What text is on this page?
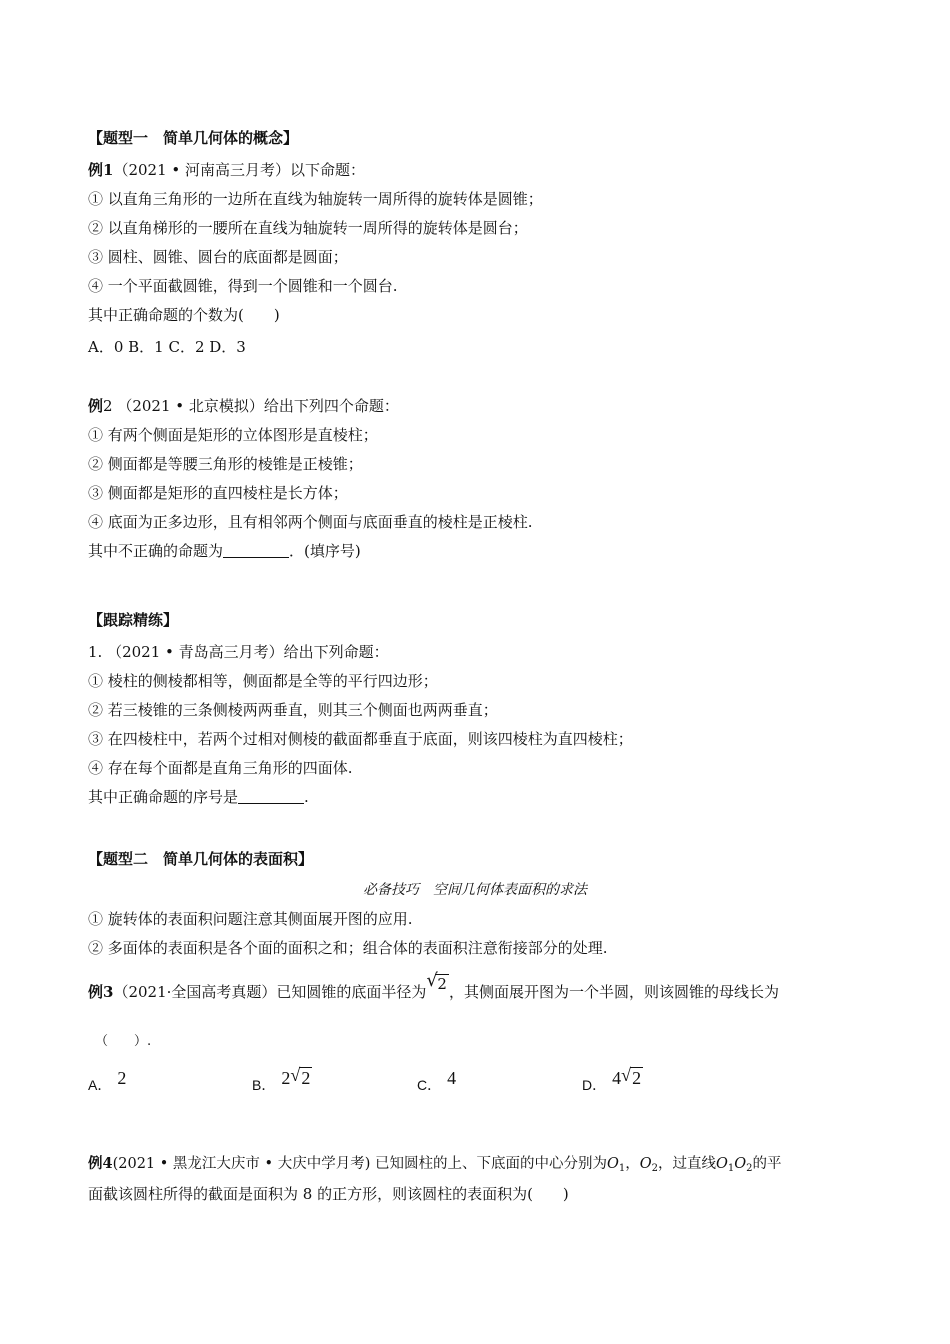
【题型一　简单几何体的概念】
例1（2021 • 河南高三月考）以下命题：
① 以直角三角形的一边所在直线为轴旋转一周所得的旋转体是圆锥；
② 以直角梯形的一腰所在直线为轴旋转一周所得的旋转体是圆台；
③ 圆柱、圆锥、圆台的底面都是圆面；
④ 一个平面截圆锥，得到一个圆锥和一个圆台.
其中正确命题的个数为(　　)
A．0 B．1 C．2 D．3
例2 （2021 • 北京模拟）给出下列四个命题：
① 有两个侧面是矩形的立体图形是直棱柱；
② 侧面都是等腰三角形的棱锥是正棱锥；
③ 侧面都是矩形的直四棱柱是长方体；
④ 底面为正多边形，且有相邻两个侧面与底面垂直的棱柱是正棱柱.
其中不正确的命题为	．(填序号)
【跟踪精练】
1. （2021 • 青岛高三月考）给出下列命题：
① 棱柱的侧棱都相等，侧面都是全等的平行四边形；
② 若三棱锥的三条侧棱两两垂直，则其三个侧面也两两垂直；
③ 在四棱柱中，若两个过相对侧棱的截面都垂直于底面，则该四棱柱为直四棱柱；
④ 存在每个面都是直角三角形的四面体.
其中正确命题的序号是	.
【题型二　简单几何体的表面积】
必备技巧　空间几何体表面积的求法
① 旋转体的表面积问题注意其侧面展开图的应用.
② 多面体的表面积是各个面的面积之和；组合体的表面积注意衔接部分的处理.
例3（2021·全国高考真题）已知圆锥的底面半径为
√ 2 ，其侧面展开图为一个半圆，则该圆锥的母线长为
（　　）.
A． 2	B． 2 √ 2	C． 4	D． 4 √ 2
例4(2021 • 黑龙江大庆市 • 大庆中学月考) 已知圆柱的上、下底面的中心分别为$O_1$，$O_2$，过直线$O_1O_2$的平
面截该圆柱所得的截面是面积为 8 的正方形，则该圆柱的表面积为(　　)
